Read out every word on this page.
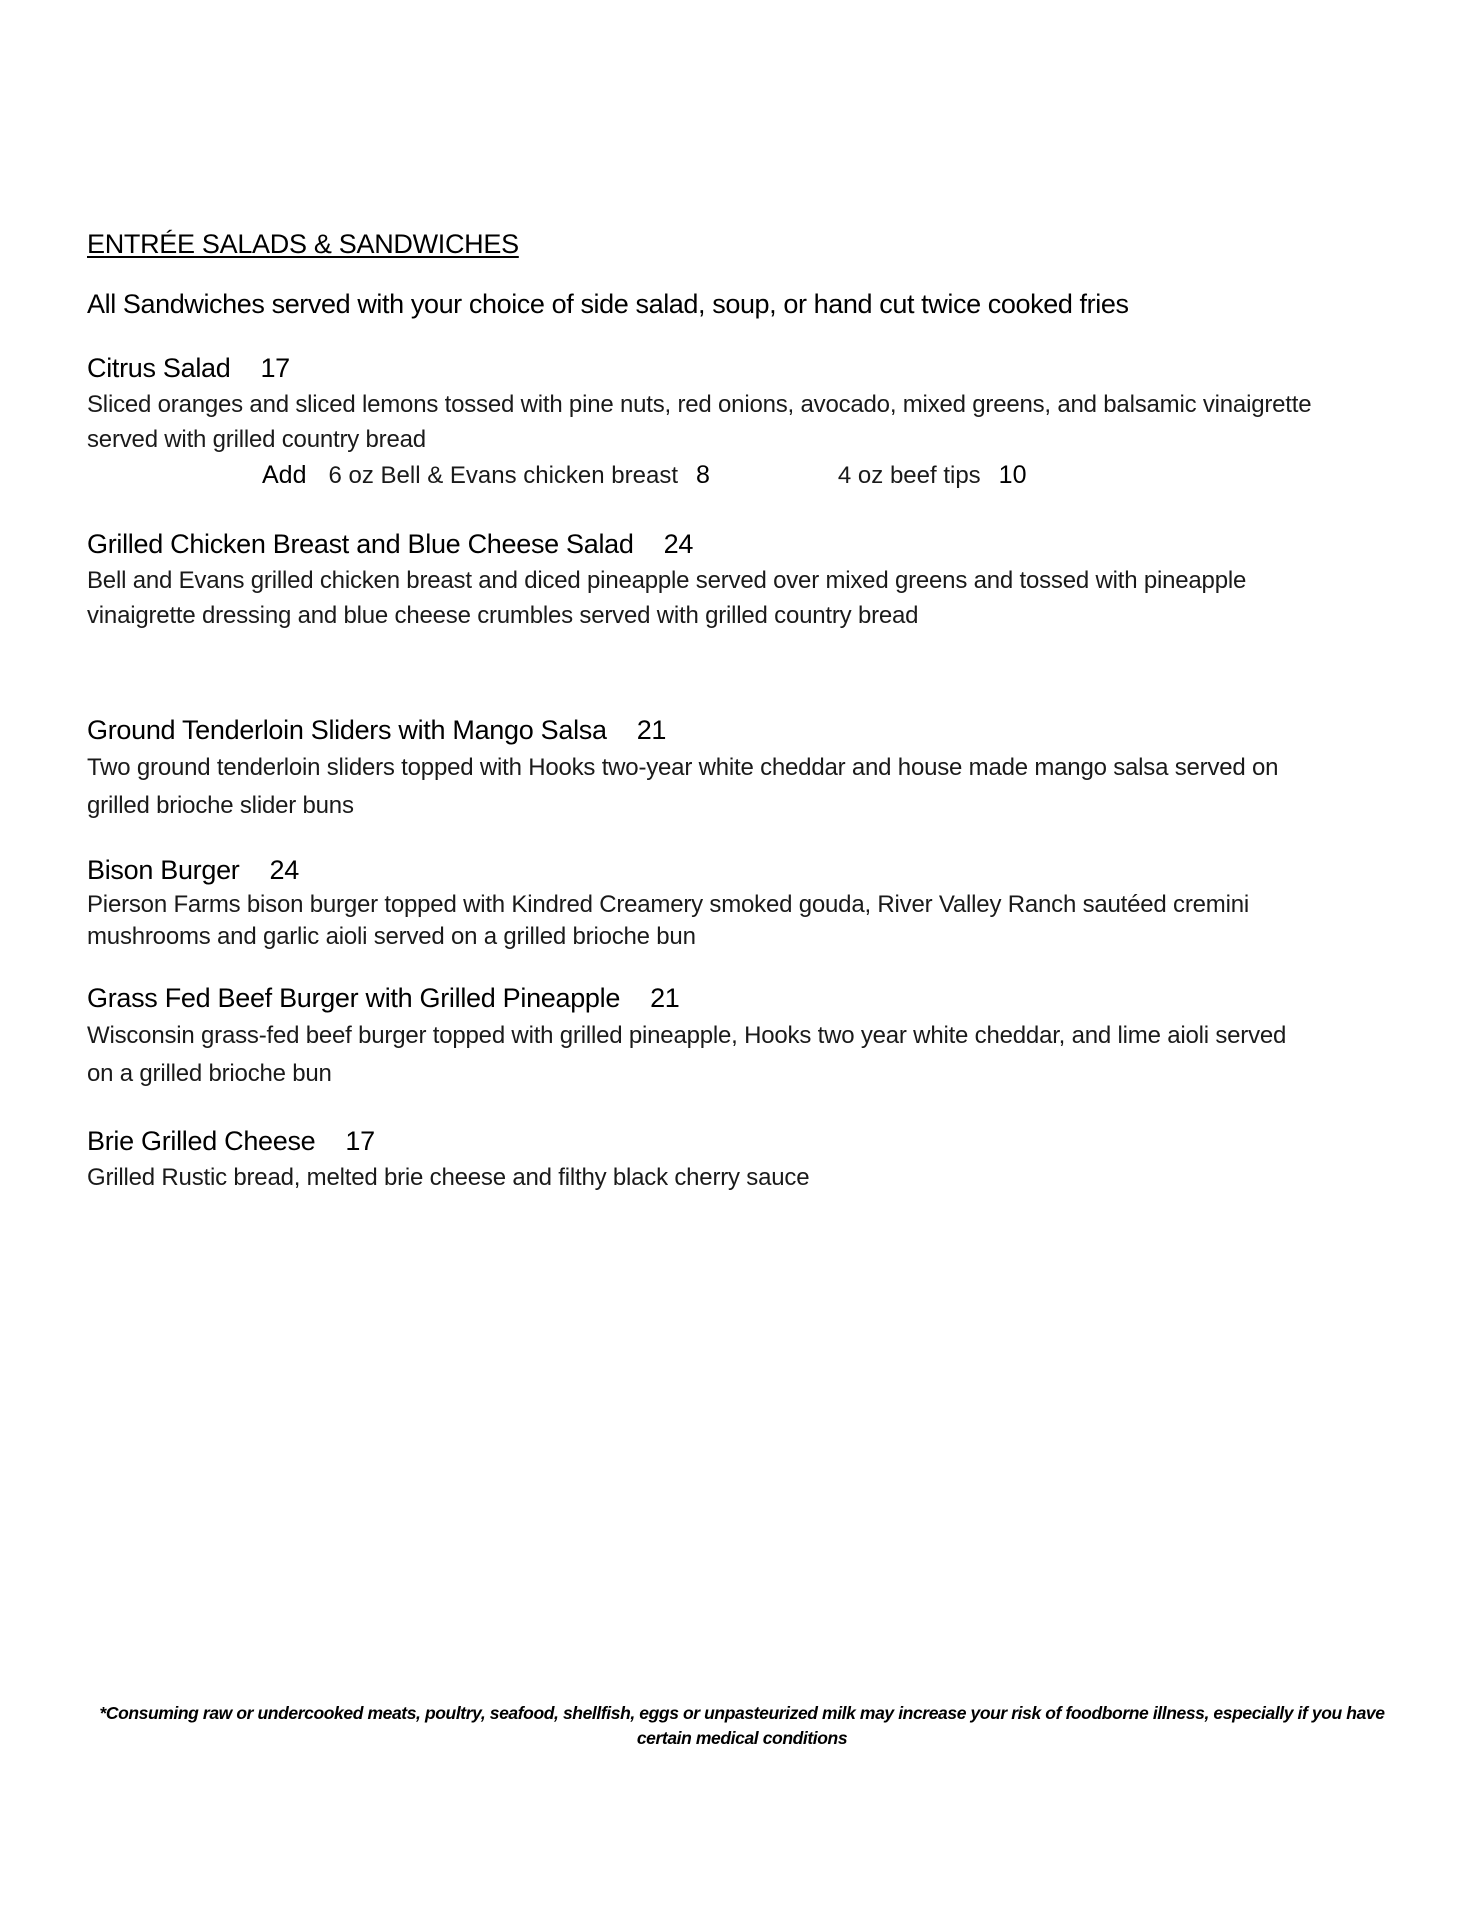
ENTRÉE SALADS & SANDWICHES
All Sandwiches served with your choice of side salad, soup, or hand cut twice cooked fries
Citrus Salad 17
Sliced oranges and sliced lemons tossed with pine nuts, red onions, avocado, mixed greens, and balsamic vinaigrette served with grilled country bread
Add 6 oz Bell & Evans chicken breast 8	4 oz beef tips 10
Grilled Chicken Breast and Blue Cheese Salad 24
Bell and Evans grilled chicken breast and diced pineapple served over mixed greens and tossed with pineapple vinaigrette dressing and blue cheese crumbles served with grilled country bread
Ground Tenderloin Sliders with Mango Salsa 21
Two ground tenderloin sliders topped with Hooks two-year white cheddar and house made mango salsa served on grilled brioche slider buns
Bison Burger 24
Pierson Farms bison burger topped with Kindred Creamery smoked gouda, River Valley Ranch sautéed cremini mushrooms and garlic aioli served on a grilled brioche bun
Grass Fed Beef Burger with Grilled Pineapple 21
Wisconsin grass-fed beef burger topped with grilled pineapple, Hooks two year white cheddar, and lime aioli served on a grilled brioche bun
Brie Grilled Cheese 17
Grilled Rustic bread, melted brie cheese and filthy black cherry sauce
*Consuming raw or undercooked meats, poultry, seafood, shellfish, eggs or unpasteurized milk may increase your risk of foodborne illness, especially if you have certain medical conditions
